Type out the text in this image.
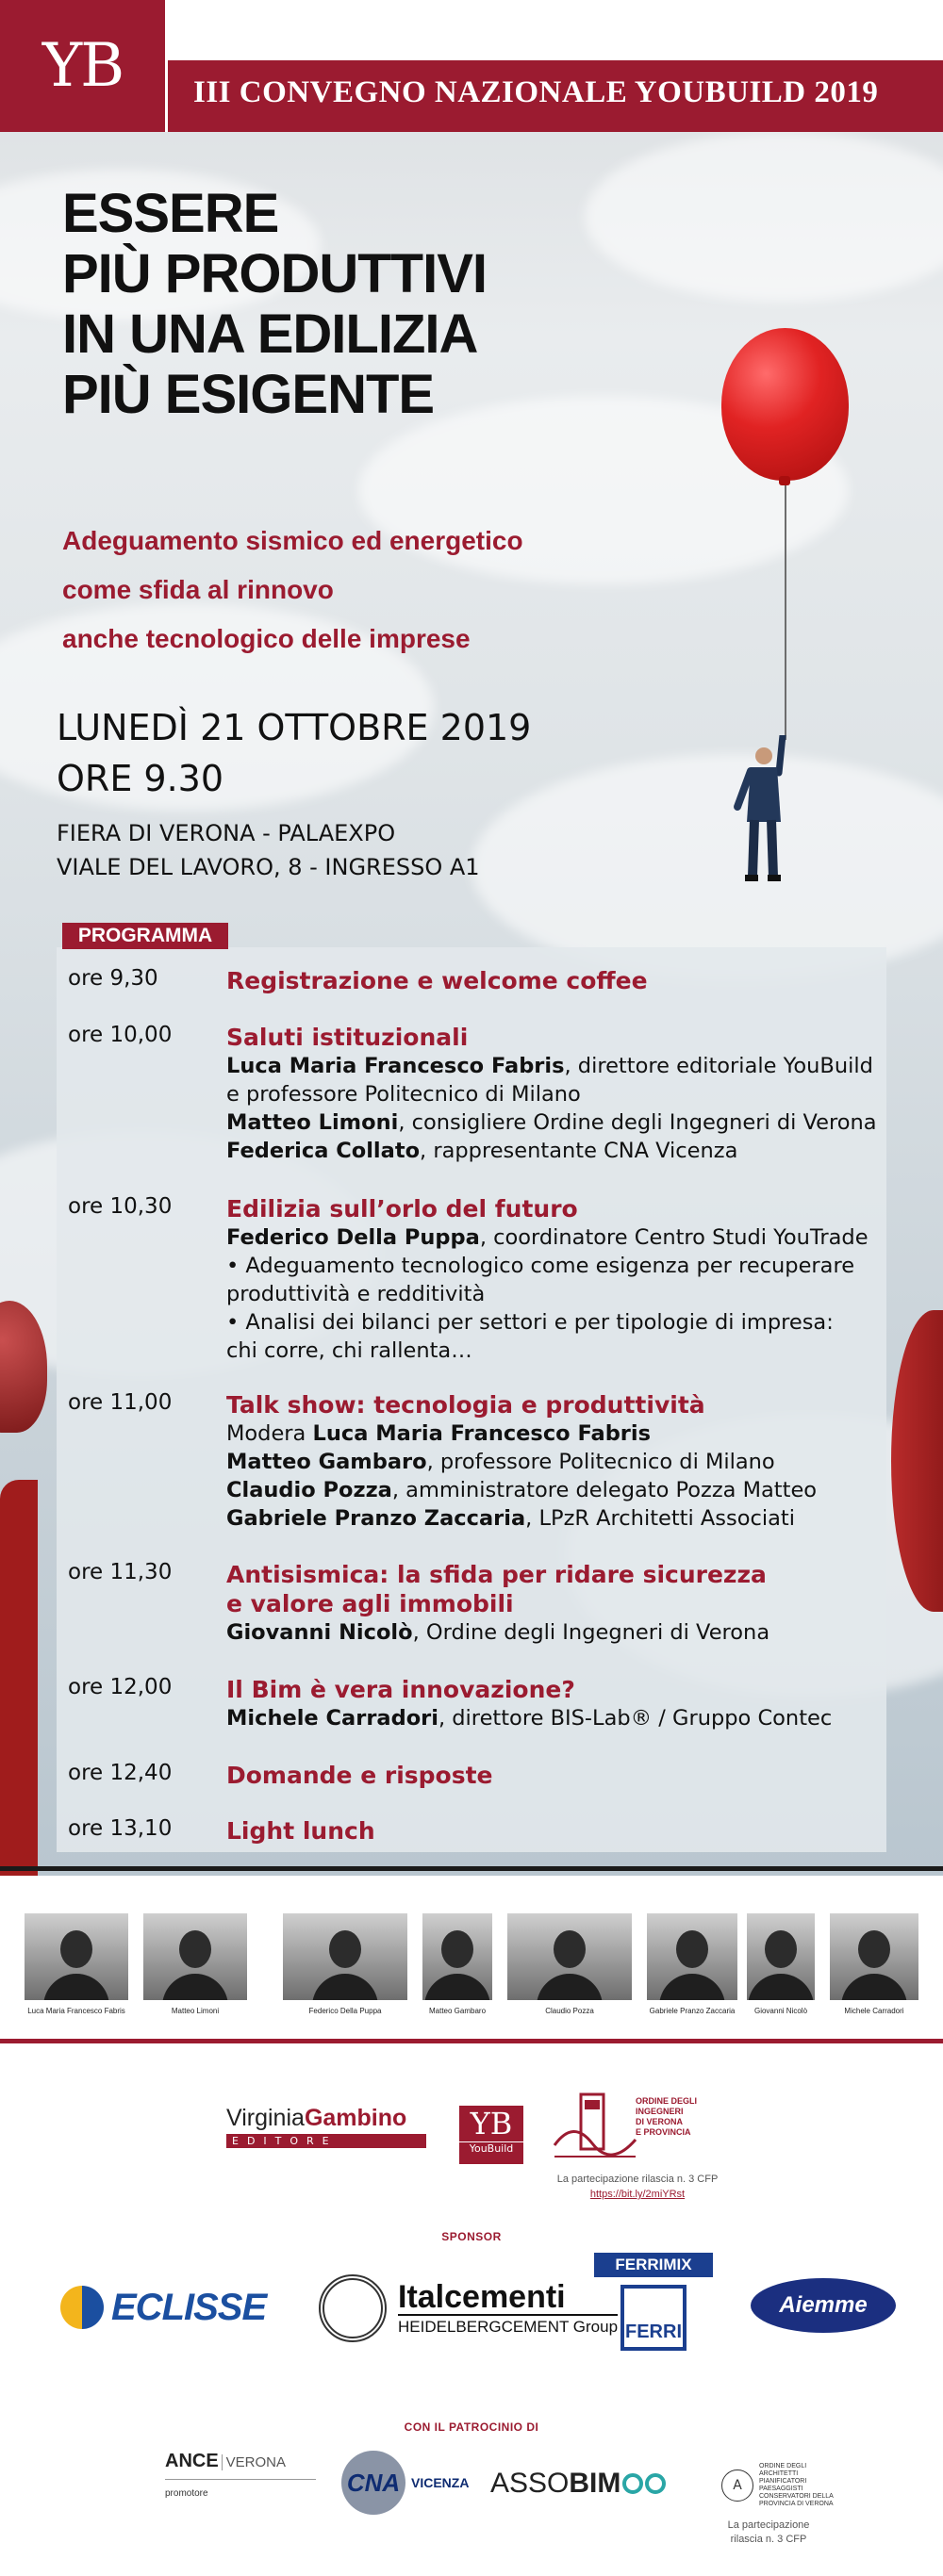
YB III CONVEGNO NAZIONALE YOUBUILD 2019
ESSERE
PIÙ PRODUTTIVI
IN UNA EDILIZIA
PIÙ ESIGENTE
Adeguamento sismico ed energetico
come sfida al rinnovo
anche tecnologico delle imprese
LUNEDÌ 21 OTTOBRE 2019
ORE 9.30
FIERA DI VERONA - PALAEXPO
VIALE DEL LAVORO, 8 - INGRESSO A1
ore 9,30	Registrazione e welcome coffee
ore 10,00 Saluti istituzionali
Luca Maria Francesco Fabris, direttore editoriale YouBuild
e professore Politecnico di Milano
Matteo Limoni, consigliere Ordine degli Ingegneri di Verona
Federica Collato, rappresentante CNA Vicenza
ore 10,30 Edilizia sull’orlo del futuro
Federico Della Puppa, coordinatore Centro Studi YouTrade
• Adeguamento tecnologico come esigenza per recuperare
produttività e redditività
• Analisi dei bilanci per settori e per tipologie di impresa:
chi corre, chi rallenta…
ore 11,00 Talk show: tecnologia e produttività
Modera Luca Maria Francesco Fabris
Matteo Gambaro, professore Politecnico di Milano
Claudio Pozza, amministratore delegato Pozza Matteo
Gabriele Pranzo Zaccaria, LPzR Architetti Associati
ore 11,30 Antisismica: la sfida per ridare sicurezza
e valore agli immobili
Giovanni Nicolò, Ordine degli Ingegneri di Verona
ore 12,00 Il Bim è vera innovazione?
Michele Carradori, direttore BIS-Lab® / Gruppo Contec
ore 12,40 Domande e risposte
ore 13,10 Light lunch
PROGRAMMA
Luca Maria Francesco Fabris	Matteo Limoni	Federico Della Puppa	Matteo Gambaro	Claudio Pozza	Gabriele Pranzo Zaccaria	Giovanni Nicolò	Michele Carradori
VirginiaGambino
EDITORE	YB
YouBuild
ORDINE DEGLI
INGEGNERI
DI VERONA
E PROVINCIA
La partecipazione rilascia n. 3 CFP
https://bit.ly/2miYRst
SPONSOR
ECLISSE	Italcementi
HEIDELBERGCEMENT Group
FERRIMIX
FERRI
Aiemme
CON IL PATROCINIO DI
ANCE VERONA
promotore	CNA VICENZA ASSOBIM	A
ORDINE DEGLI ARCHITETTI PIANIFICATORI PAESAGGISTI CONSERVATORI DELLA PROVINCIA DI VERONA
La partecipazione rilascia n. 3 CFP
